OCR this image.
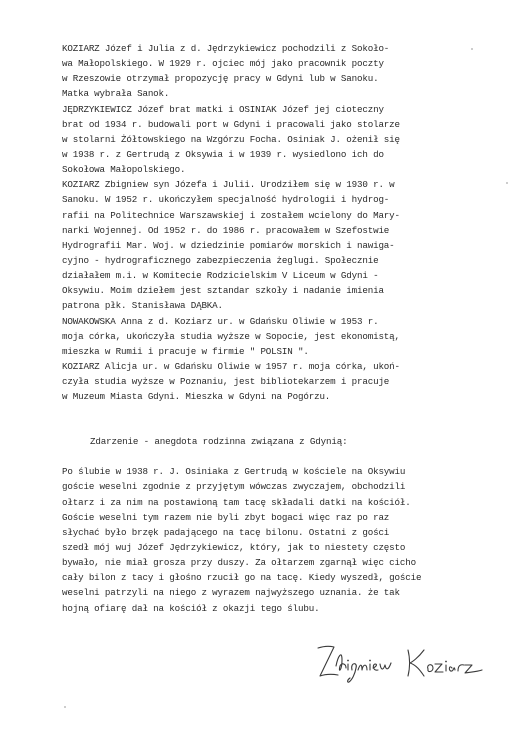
KOZIARZ Józef i Julia z d. Jędrzykiewicz pochodzili z Sokoło-
wa Małopolskiego. W 1929 r. ojciec mój jako pracownik poczty
w Rzeszowie otrzymał propozycję pracy w Gdyni lub w Sanoku.
Matka wybrała Sanok.
JĘDRZYKIEWICZ Józef brat matki i OSINIAK Józef jej cioteczny
brat od 1934 r. budowali port w Gdyni i pracowali jako stolarze
w stolarni Żółtowskiego na Wzgórzu Focha. Osiniak J. ożenił się
w 1938 r. z Gertrudą z Oksywia i w 1939 r. wysiedlono ich do
Sokołowa Małopolskiego.
KOZIARZ Zbigniew syn Józefa i Julii. Urodziłem się w 1930 r. w
Sanoku. W 1952 r. ukończyłem specjalność hydrologii i hydrog-
rafii na Politechnice Warszawskiej i zostałem wcielony do Mary-
narki Wojennej. Od 1952 r. do 1986 r. pracowałem w Szefostwie
Hydrografii Mar. Woj. w dziedzinie pomiarów morskich i nawiga-
cyjno - hydrograficznego zabezpieczenia żeglugi. Społecznie
działałem m.i. w Komitecie Rodzicielskim V Liceum w Gdyni -
Oksywiu. Moim dziełem jest sztandar szkoły i nadanie imienia
patrona płk. Stanisława DĄBKA.
NOWAKOWSKA Anna z d. Koziarz ur. w Gdańsku Oliwie w 1953 r.
moja córka, ukończyła studia wyższe w Sopocie, jest ekonomistą,
mieszka w Rumii i pracuje w firmie " POLSIN ".
KOZIARZ Alicja ur. w Gdańsku Oliwie w 1957 r. moja córka, ukoń-
czyła studia wyższe w Poznaniu, jest bibliotekarzem i pracuje
w Muzeum Miasta Gdyni. Mieszka w Gdyni na Pogórzu.
Zdarzenie - anegdota rodzinna związana z Gdynią:
Po ślubie w 1938 r. J. Osiniaka z Gertrudą w kościele na Oksywiu
goście weselni zgodnie z przyjętym wówczas zwyczajem, obchodzili
ołtarz i za nim na postawioną tam tacę składali datki na kościół.
Goście weselni tym razem nie byli zbyt bogaci więc raz po raz
słychać było brzęk padającego na tacę bilonu. Ostatni z gości
szedł mój wuj Józef Jędrzykiewicz, który, jak to niestety często
bywało, nie miał grosza przy duszy. Za ołtarzem zgarnął więc cicho
cały bilon z tacy i głośno rzucił go na tacę. Kiedy wyszedł, goście
weselni patrzyli na niego z wyrazem najwyższego uznania. że tak
hojną ofiarę dał na kościół z okazji tego ślubu.
